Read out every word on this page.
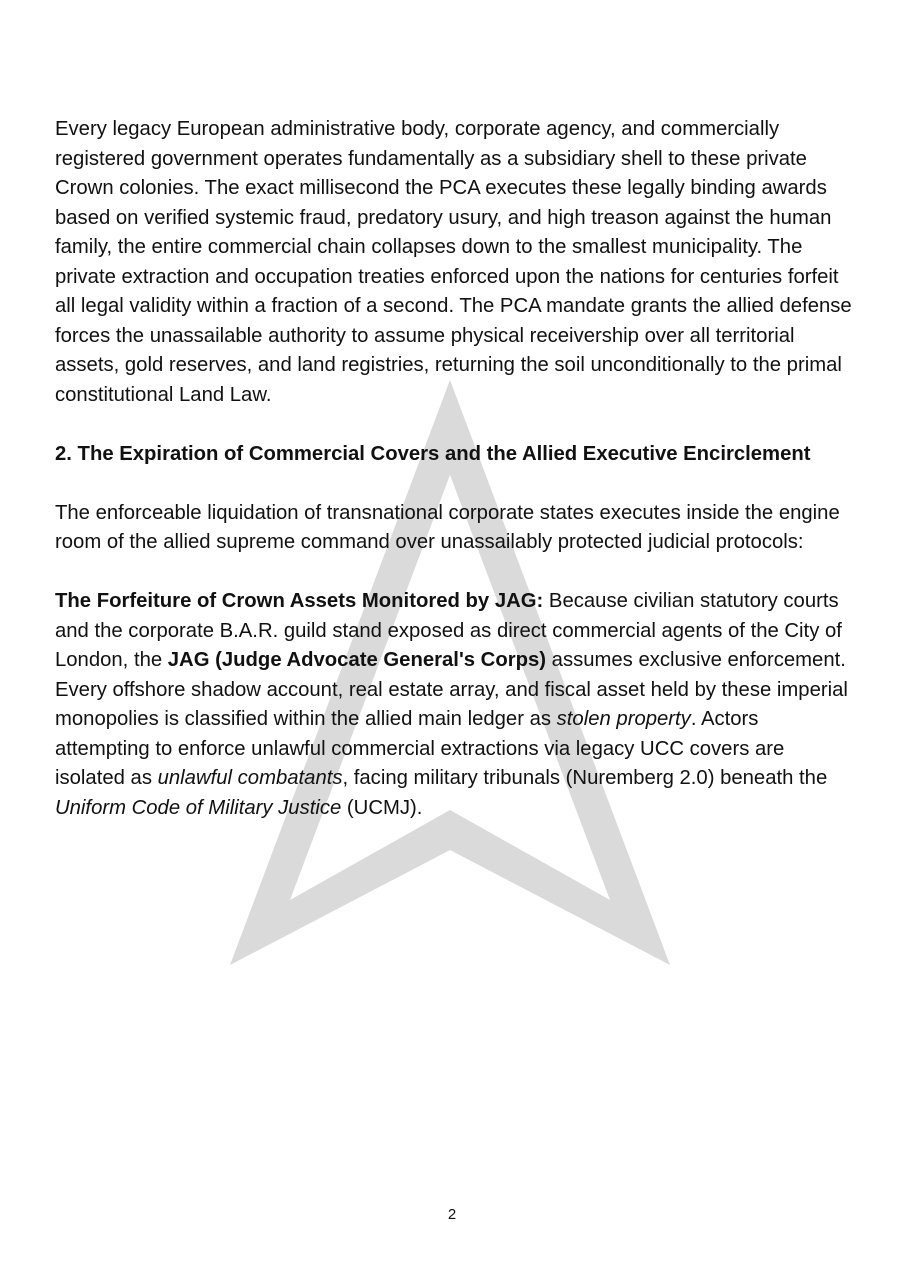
Every legacy European administrative body, corporate agency, and commercially registered government operates fundamentally as a subsidiary shell to these private Crown colonies. The exact millisecond the PCA executes these legally binding awards based on verified systemic fraud, predatory usury, and high treason against the human family, the entire commercial chain collapses down to the smallest municipality. The private extraction and occupation treaties enforced upon the nations for centuries forfeit all legal validity within a fraction of a second. The PCA mandate grants the allied defense forces the unassailable authority to assume physical receivership over all territorial assets, gold reserves, and land registries, returning the soil unconditionally to the primal constitutional Land Law.

2. The Expiration of Commercial Covers and the Allied Executive Encirclement

The enforceable liquidation of transnational corporate states executes inside the engine room of the allied supreme command over unassailably protected judicial protocols:

The Forfeiture of Crown Assets Monitored by JAG: Because civilian statutory courts and the corporate B.A.R. guild stand exposed as direct commercial agents of the City of London, the JAG (Judge Advocate General's Corps) assumes exclusive enforcement. Every offshore shadow account, real estate array, and fiscal asset held by these imperial monopolies is classified within the allied main ledger as stolen property. Actors attempting to enforce unlawful commercial extractions via legacy UCC covers are isolated as unlawful combatants, facing military tribunals (Nuremberg 2.0) beneath the Uniform Code of Military Justice (UCMJ).

2
